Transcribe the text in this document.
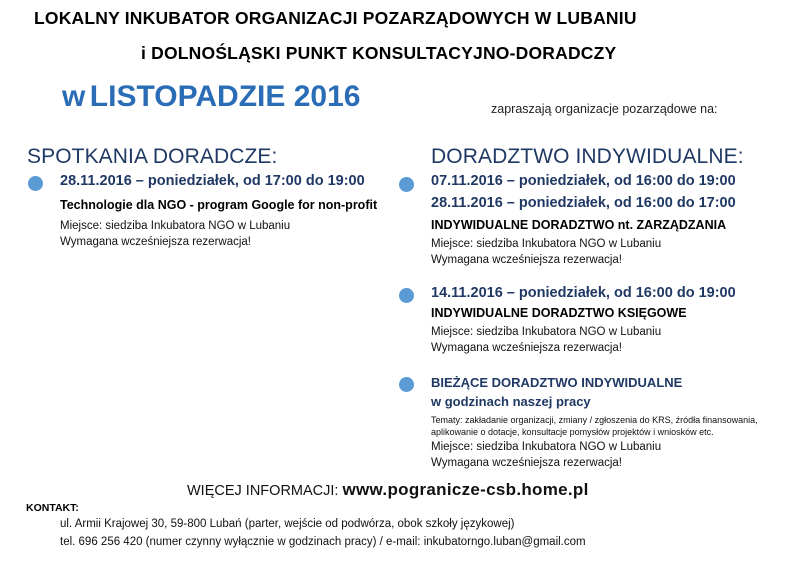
LOKALNY INKUBATOR ORGANIZACJI POZARZĄDOWYCH W LUBANIU
i DOLNOŚLĄSKI PUNKT KONSULTACYJNO-DORADCZY
w LISTOPADZIE 2016	zapraszają organizacje pozarządowe na:
SPOTKANIA DORADCZE:
28.11.2016 – poniedziałek, od 17:00 do 19:00
Technologie dla NGO - program Google for non-profit
Miejsce: siedziba Inkubatora NGO w Lubaniu
Wymagana wcześniejsza rezerwacja!
DORADZTWO INDYWIDUALNE:
07.11.2016 – poniedziałek, od 16:00 do 19:00
28.11.2016 – poniedziałek, od 16:00 do 17:00
INDYWIDUALNE DORADZTWO nt. ZARZĄDZANIA
Miejsce: siedziba Inkubatora NGO w Lubaniu
Wymagana wcześniejsza rezerwacja!
14.11.2016 – poniedziałek, od 16:00 do 19:00
INDYWIDUALNE DORADZTWO KSIĘGOWE
Miejsce: siedziba Inkubatora NGO w Lubaniu
Wymagana wcześniejsza rezerwacja!
BIEŻĄCE DORADZTWO INDYWIDUALNE
w godzinach naszej pracy
Tematy: zakładanie organizacji, zmiany / zgłoszenia do KRS, źródła finansowania,
aplikowanie o dotacje, konsultacje pomysłów projektów i wniosków etc.
Miejsce: siedziba Inkubatora NGO w Lubaniu
Wymagana wcześniejsza rezerwacja!
WIĘCEJ INFORMACJI: www.pogranicze-csb.home.pl
KONTAKT:
ul. Armii Krajowej 30, 59-800 Lubań (parter, wejście od podwórza, obok szkoły językowej)
tel. 696 256 420 (numer czynny wyłącznie w godzinach pracy) / e-mail: inkubatorngo.luban@gmail.com
